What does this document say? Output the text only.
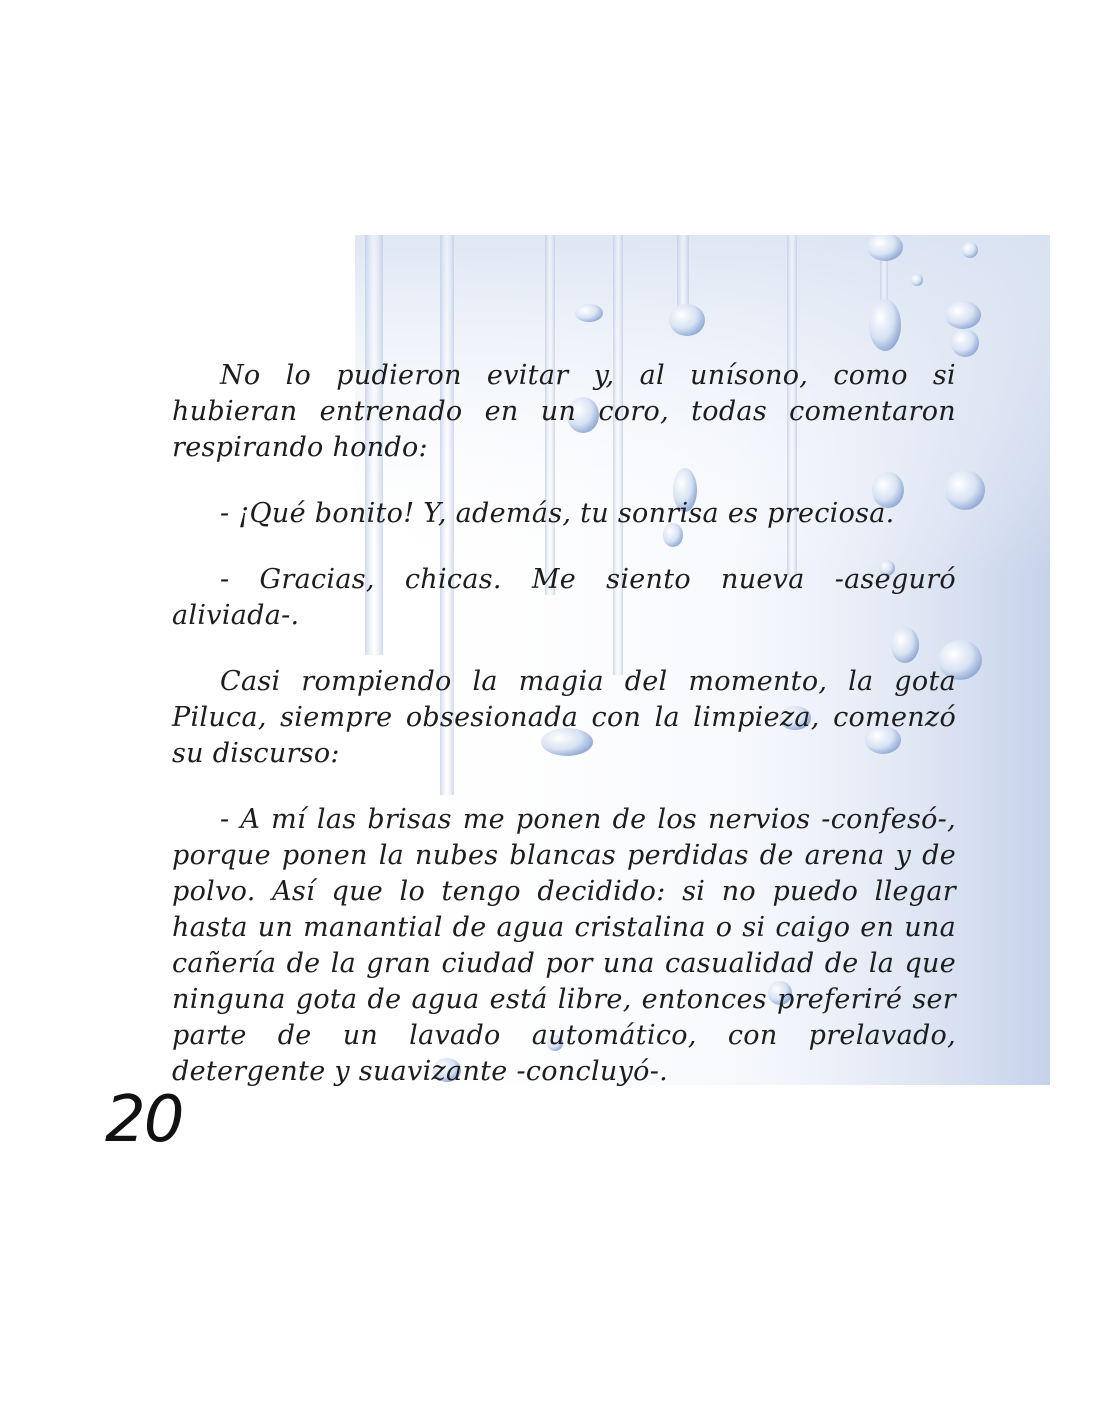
No lo pudieron evitar y, al unísono, como si hubieran entrenado en un coro, todas comentaron respirando hondo:

- ¡Qué bonito! Y, además, tu sonrisa es preciosa.

- Gracias, chicas. Me siento nueva -aseguró aliviada-.

Casi rompiendo la magia del momento, la gota Piluca, siempre obsesionada con la limpieza, comenzó su discurso:

- A mí las brisas me ponen de los nervios -confesó-, porque ponen la nubes blancas perdidas de arena y de polvo. Así que lo tengo decidido: si no puedo llegar hasta un manantial de agua cristalina o si caigo en una cañería de la gran ciudad por una casualidad de la que ninguna gota de agua está libre, entonces preferiré ser parte de un lavado automático, con prelavado, detergente y suavizante -concluyó-.

20
